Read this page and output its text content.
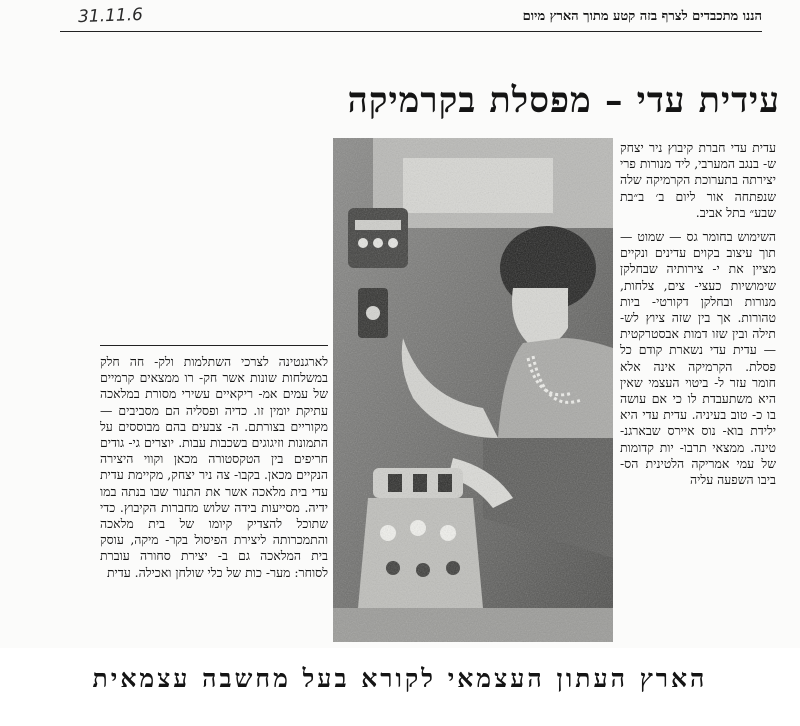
31.11.6	הננו מתכבדים לצרף בזה קטע מתוך הארץ מיום
עידית עדי – מפסלת בקרמיקה

עדית עדי חברת קיבוץ ניר יצחק ש- בנגב המערבי, ליד מנורות פרי יצירתה בתערוכת הקרמיקה שלה שנפתחה אור ליום ב׳ ב״בת שבע״ בתל אביב.

השימוש בחומר גס — שמוט — תוך עיצוב בקוים עדינים ונקיים מציין את י- צירותיה שבחלקן שימושיות כעצי- צים, צלחות, מנורות ובחלקן דקורטי- ביות טהורות. אך בין שזה ציוץ לש- תילה ובין שזו דמות אבסטרקטית — עדית עדי נשארת קודם כל פסלת. הקרמיקה אינה אלא חומר עזר ל- ביטוי העצמי שאין היא משתעבדת לו כי אם עושה בו כ- טוב בעיניה. עדית עדי היא ילידת בוא- נוס איירס שבארגנ- טינה. ממצאי תרבו- יות קדומות של עמי אמריקה הלטינית הס- ביבו השפעה עליה

לארגנטינה לצרכי השתלמות ולק- חה חלק במשלחות שונות אשר חק- רו ממצאים קרמיים של עמים אמ- ריקאיים עשירי מסורת במלאכה עתיקת יומין זו. כדיה ופסליה הם מסביבים — מקוריים בצורתם. ה- צבעים בהם מבוססים על התמונות וזיגוגים בשכבות עבות. יוצרים גי- גודים חריפים בין הטקסטורה מכאן וקווי היצירה הנקיים מכאן. בקבו- צה ניר יצחק, מקיימת עדית עדי בית מלאכה אשר את התנור שבו בנתה במו ידיה. מסייעות בידה שלוש מחברות הקיבוץ. כדי שתוכל להצדיק קיומו של בית מלאכה והתמכרותה ליצירת הפיסול בקר- מיקה, עוסק בית המלאכה גם ב- יצירת סחורה עוברת לסוחר: מער- כות של כלי שולחן ואכילה. עדית

הארץ העתון העצמאי לקורא בעל מחשבה עצמאית
